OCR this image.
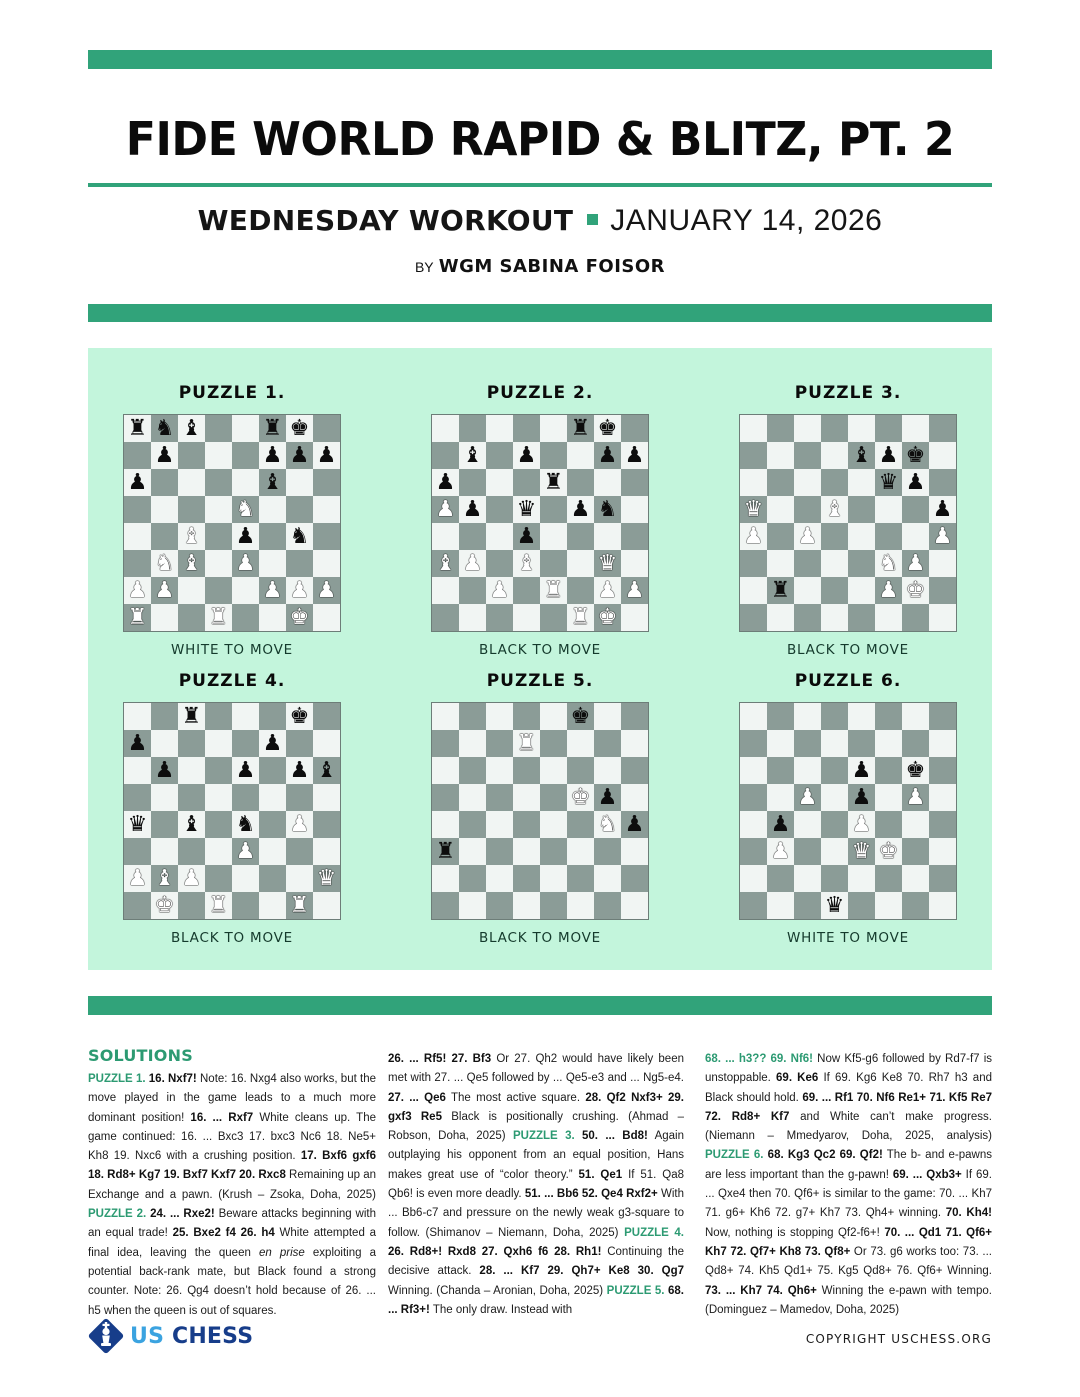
FIDE WORLD RAPID & BLITZ, PT. 2
WEDNESDAY WORKOUT JANUARY 14, 2026
BY WGM SABINA FOISOR
PUZZLE 1.
♜ ♞ ♝	♜ ♚
♟	♟ ♟ ♟
♟	♝
♞
♝ ♟ ♞
♞ ♝ ♟
♟ ♟	♟ ♟ ♟
♜	♜	♚
WHITE TO MOVE
PUZZLE 2.
♜ ♚
♝ ♟	♟ ♟
♟	♜
♟ ♟ ♛ ♟ ♞
♟
♝ ♟ ♝	♛
♟ ♜ ♟ ♟
♜ ♚
BLACK TO MOVE
PUZZLE 3.
♝ ♟ ♚
♛ ♟
♛	♝	♟
♟ ♟	♟
♞ ♟
♜	♟ ♚
BLACK TO MOVE
PUZZLE 4.
♜	♚
♟	♟
♟	♟ ♟ ♝
♛ ♝ ♞ ♟
♟
♟ ♝ ♟	♛
♚ ♜	♜
BLACK TO MOVE
PUZZLE 5.
♚
♜
♚ ♟
♞ ♟
♜
BLACK TO MOVE
PUZZLE 6.
♟ ♚
♟ ♟ ♟
♟	♟
♟	♛ ♚
♛
WHITE TO MOVE
SOLUTIONS
PUZZLE 1. 16. Nxf7! Note: 16. Nxg4 also works, but the move played in the game leads to a much more dominant position! 16. ... Rxf7 White cleans up. The game continued: 16. ... Bxc3 17. bxc3 Nc6 18. Ne5+ Kh8 19. Nxc6 with a crushing position. 17. Bxf6 gxf6 18. Rd8+ Kg7 19. Bxf7 Kxf7 20. Rxc8 Remaining up an Exchange and a pawn. (Krush – Zsoka, Doha, 2025) PUZZLE 2. 24. ... Rxe2! Beware attacks beginning with an equal trade! 25. Bxe2 f4 26. h4 White attempted a final idea, leaving the queen en prise exploiting a potential back-rank mate, but Black found a strong counter. Note: 26. Qg4 doesn’t hold because of 26. ... h5 when the queen is out of squares.
26. ... Rf5! 27. Bf3 Or 27. Qh2 would have likely been met with 27. ... Qe5 followed by ... Qe5-e3 and ... Ng5-e4. 27. ... Qe6 The most active square. 28. Qf2 Nxf3+ 29. gxf3 Re5 Black is positionally crushing. (Ahmad – Robson, Doha, 2025) PUZZLE 3. 50. ... Bd8! Again outplaying his opponent from an equal position, Hans makes great use of “color theory.” 51. Qe1 If 51. Qa8 Qb6! is even more deadly. 51. ... Bb6 52. Qe4 Rxf2+ With ... Bb6-c7 and pressure on the newly weak g3-square to follow. (Shimanov – Niemann, Doha, 2025) PUZZLE 4. 26. Rd8+! Rxd8 27. Qxh6 f6 28. Rh1! Continuing the decisive attack. 28. ... Kf7 29. Qh7+ Ke8 30. Qg7 Winning. (Chanda – Aronian, Doha, 2025) PUZZLE 5. 68. ... Rf3+! The only draw. Instead with
68. ... h3?? 69. Nf6! Now Kf5-g6 followed by Rd7-f7 is unstoppable. 69. Ke6 If 69. Kg6 Ke8 70. Rh7 h3 and Black should hold. 69. ... Rf1 70. Nf6 Re1+ 71. Kf5 Re7 72. Rd8+ Kf7 and White can’t make progress. (Niemann – Mmedyarov, Doha, 2025, analysis) PUZZLE 6. 68. Kg3 Qc2 69. Qf2! The b- and e-pawns are less important than the g-pawn! 69. ... Qxb3+ If 69. ... Qxe4 then 70. Qf6+ is similar to the game: 70. ... Kh7 71. g6+ Kh6 72. g7+ Kh7 73. Qh4+ winning. 70. Kh4! Now, nothing is stopping Qf2-f6+! 70. ... Qd1 71. Qf6+ Kh7 72. Qf7+ Kh8 73. Qf8+ Or 73. g6 works too: 73. ... Qd8+ 74. Kh5 Qd1+ 75. Kg5 Qd8+ 76. Qf6+ Winning. 73. ... Kh7 74. Qh6+ Winning the e-pawn with tempo. (Dominguez – Mamedov, Doha, 2025)
US CHESS	COPYRIGHT USCHESS.ORG
